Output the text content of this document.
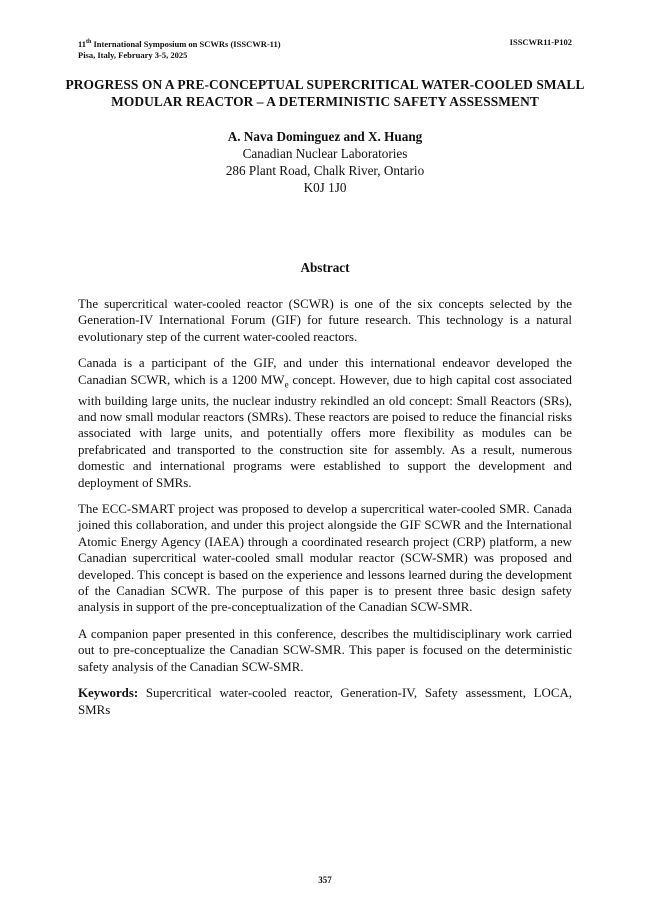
11th International Symposium on SCWRs (ISSCWR-11)
Pisa, Italy, February 3-5, 2025
ISSCWR11-P102
PROGRESS ON A PRE-CONCEPTUAL SUPERCRITICAL WATER-COOLED SMALL
MODULAR REACTOR – A DETERMINISTIC SAFETY ASSESSMENT
A. Nava Dominguez and X. Huang
Canadian Nuclear Laboratories
286 Plant Road, Chalk River, Ontario
K0J 1J0
Abstract

The supercritical water-cooled reactor (SCWR) is one of the six concepts selected by the Generation-IV International Forum (GIF) for future research. This technology is a natural evolutionary step of the current water-cooled reactors.

Canada is a participant of the GIF, and under this international endeavor developed the Canadian SCWR, which is a 1200 $MW_e$ concept. However, due to high capital cost associated with building large units, the nuclear industry rekindled an old concept: Small Reactors (SRs), and now small modular reactors (SMRs). These reactors are poised to reduce the financial risks associated with large units, and potentially offers more flexibility as modules can be prefabricated and transported to the construction site for assembly. As a result, numerous domestic and international programs were established to support the development and deployment of SMRs.

The ECC-SMART project was proposed to develop a supercritical water-cooled SMR. Canada joined this collaboration, and under this project alongside the GIF SCWR and the International Atomic Energy Agency (IAEA) through a coordinated research project (CRP) platform, a new Canadian supercritical water-cooled small modular reactor (SCW-SMR) was proposed and developed. This concept is based on the experience and lessons learned during the development of the Canadian SCWR. The purpose of this paper is to present three basic design safety analysis in support of the pre-conceptualization of the Canadian SCW-SMR.

A companion paper presented in this conference, describes the multidisciplinary work carried out to pre-conceptualize the Canadian SCW-SMR. This paper is focused on the deterministic safety analysis of the Canadian SCW-SMR.

Keywords: Supercritical water-cooled reactor, Generation-IV, Safety assessment, LOCA, SMRs

357
